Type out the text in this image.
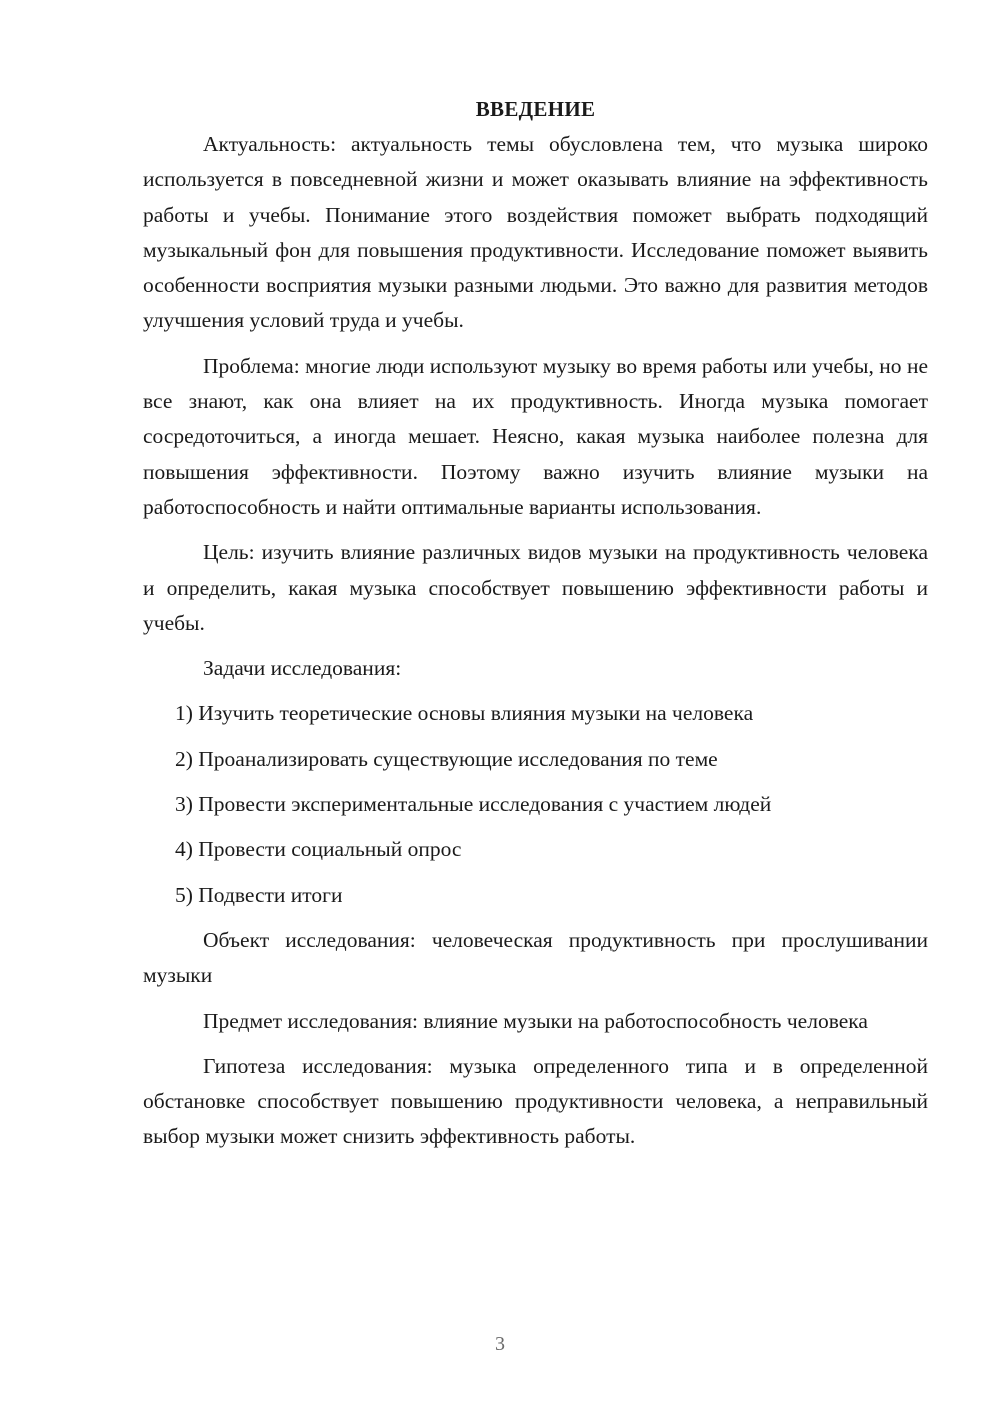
ВВЕДЕНИЕ

Актуальность: актуальность темы обусловлена тем, что музыка широко используется в повседневной жизни и может оказывать влияние на эффективность работы и учебы. Понимание этого воздействия поможет выбрать подходящий музыкальный фон для повышения продуктивности. Исследование поможет выявить особенности восприятия музыки разными людьми. Это важно для развития методов улучшения условий труда и учебы.

Проблема: многие люди используют музыку во время работы или учебы, но не все знают, как она влияет на их продуктивность. Иногда музыка помогает сосредоточиться, а иногда мешает. Неясно, какая музыка наиболее полезна для повышения эффективности. Поэтому важно изучить влияние музыки на работоспособность и найти оптимальные варианты использования.

Цель: изучить влияние различных видов музыки на продуктивность человека и определить, какая музыка способствует повышению эффективности работы и учебы.

Задачи исследования:

1) Изучить теоретические основы влияния музыки на человека

2) Проанализировать существующие исследования по теме

3) Провести экспериментальные исследования с участием людей

4) Провести социальный опрос

5) Подвести итоги

Объект исследования: человеческая продуктивность при прослушивании музыки

Предмет исследования: влияние музыки на работоспособность человека

Гипотеза исследования: музыка определенного типа и в определенной обстановке способствует повышению продуктивности человека, а неправильный выбор музыки может снизить эффективность работы.

3
